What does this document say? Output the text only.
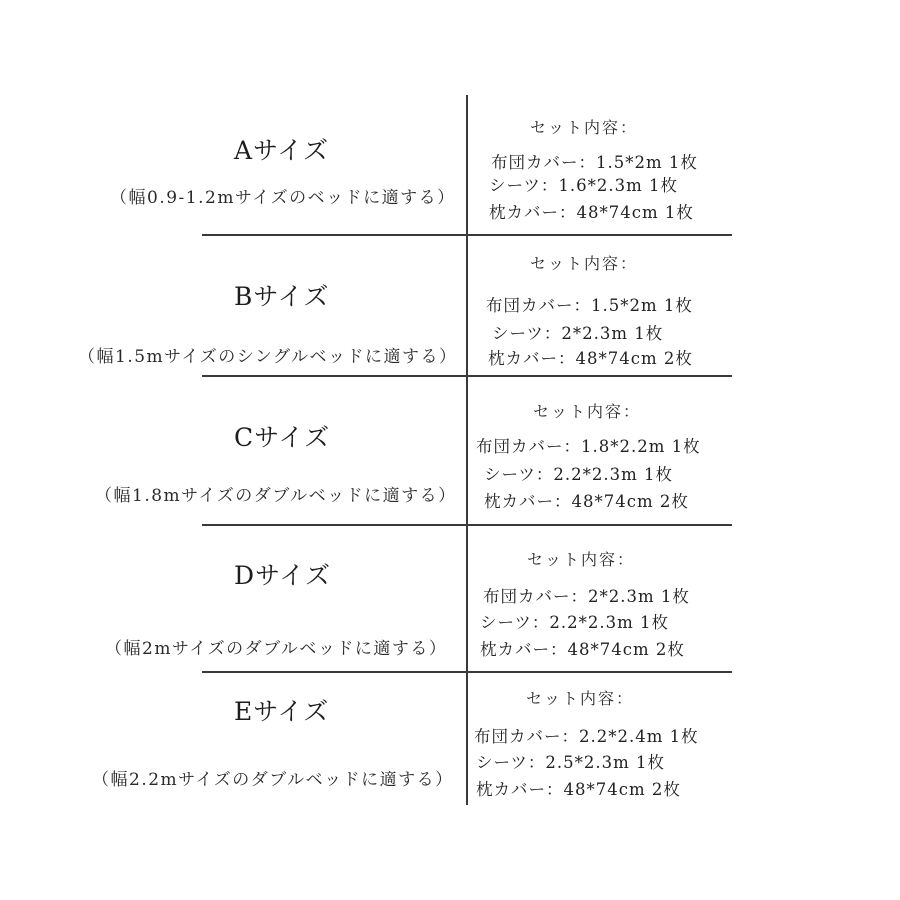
Aサイズ
（幅0.9-1.2mサイズのベッドに適する）
セット内容：
布団カバー：1.5*2m 1枚
シーツ：1.6*2.3m 1枚
枕カバー：48*74cm 1枚
Bサイズ
（幅1.5mサイズのシングルベッドに適する）
セット内容：
布団カバー：1.5*2m 1枚
シーツ：2*2.3m 1枚
枕カバー：48*74cm 2枚
Cサイズ
（幅1.8mサイズのダブルベッドに適する）
セット内容：
布団カバー：1.8*2.2m 1枚
シーツ：2.2*2.3m 1枚
枕カバー：48*74cm 2枚
Dサイズ
（幅2mサイズのダブルベッドに適する）
セット内容：
布団カバー：2*2.3m 1枚
シーツ：2.2*2.3m 1枚
枕カバー：48*74cm 2枚
Eサイズ
（幅2.2mサイズのダブルベッドに適する）
セット内容：
布団カバー：2.2*2.4m 1枚
シーツ：2.5*2.3m 1枚
枕カバー：48*74cm 2枚
